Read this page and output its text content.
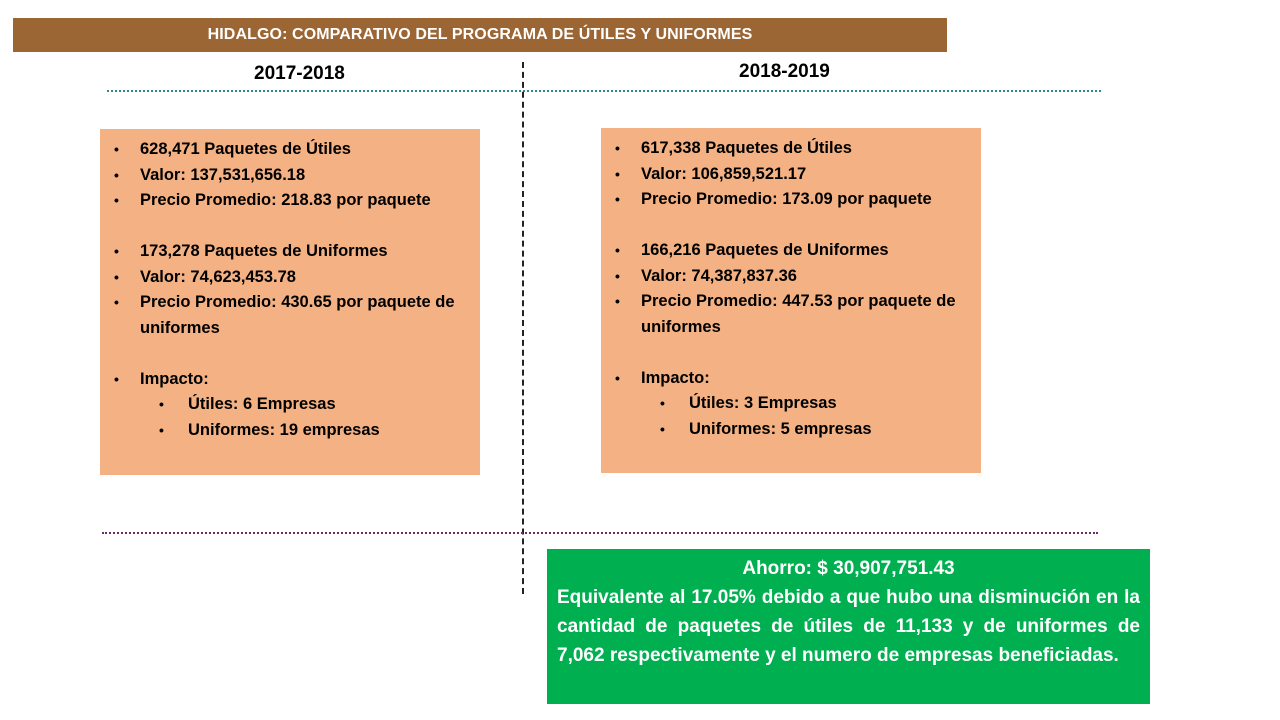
HIDALGO: COMPARATIVO DEL PROGRAMA DE ÚTILES Y UNIFORMES
2017-2018	2018-2019
• 628,471 Paquetes de Útiles
• Valor: 137,531,656.18
• Precio Promedio: 218.83 por paquete
• 173,278 Paquetes de Uniformes
• Valor: 74,623,453.78
• Precio Promedio: 430.65 por paquete de uniformes
• Impacto:
• Útiles: 6 Empresas
• Uniformes: 19 empresas
• 617,338 Paquetes de Útiles
• Valor: 106,859,521.17
• Precio Promedio: 173.09 por paquete
• 166,216 Paquetes de Uniformes
• Valor: 74,387,837.36
• Precio Promedio: 447.53 por paquete de uniformes
• Impacto:
• Útiles: 3 Empresas
• Uniformes: 5 empresas
Ahorro: $ 30,907,751.43
Equivalente al 17.05% debido a que hubo una disminución en la cantidad de paquetes de útiles de 11,133 y de uniformes de 7,062 respectivamente y el numero de empresas beneficiadas.
